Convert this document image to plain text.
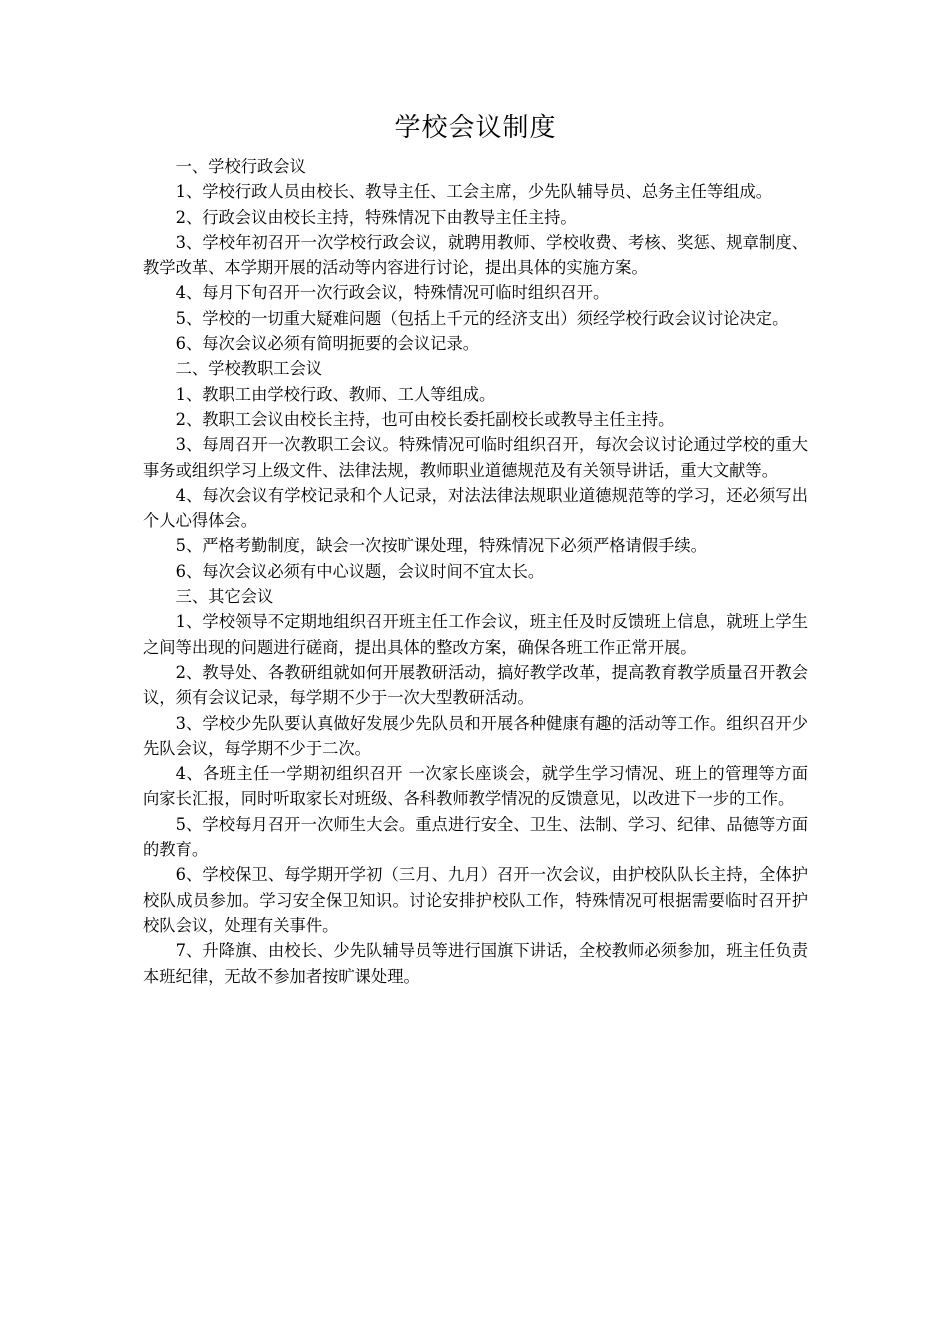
学校会议制度

一、学校行政会议

1、学校行政人员由校长、教导主任、工会主席，少先队辅导员、总务主任等组成。

2、行政会议由校长主持，特殊情况下由教导主任主持。

3、学校年初召开一次学校行政会议，就聘用教师、学校收费、考核、奖惩、规章制度、教学改革、本学期开展的活动等内容进行讨论，提出具体的实施方案。

4、每月下旬召开一次行政会议，特殊情况可临时组织召开。

5、学校的一切重大疑难问题（包括上千元的经济支出）须经学校行政会议讨论决定。

6、每次会议必须有简明扼要的会议记录。

二、学校教职工会议

1、教职工由学校行政、教师、工人等组成。

2、教职工会议由校长主持，也可由校长委托副校长或教导主任主持。

3、每周召开一次教职工会议。特殊情况可临时组织召开，每次会议讨论通过学校的重大事务或组织学习上级文件、法律法规，教师职业道德规范及有关领导讲话，重大文献等。

4、每次会议有学校记录和个人记录，对法法律法规职业道德规范等的学习，还必须写出个人心得体会。

5、严格考勤制度，缺会一次按旷课处理，特殊情况下必须严格请假手续。

6、每次会议必须有中心议题，会议时间不宜太长。

三、其它会议

1、学校领导不定期地组织召开班主任工作会议，班主任及时反馈班上信息，就班上学生之间等出现的问题进行磋商，提出具体的整改方案，确保各班工作正常开展。

2、教导处、各教研组就如何开展教研活动，搞好教学改革，提高教育教学质量召开教会议，须有会议记录，每学期不少于一次大型教研活动。

3、学校少先队要认真做好发展少先队员和开展各种健康有趣的活动等工作。组织召开少先队会议，每学期不少于二次。

4、各班主任一学期初组织召开 一次家长座谈会，就学生学习情况、班上的管理等方面向家长汇报，同时听取家长对班级、各科教师教学情况的反馈意见，以改进下一步的工作。

5、学校每月召开一次师生大会。重点进行安全、卫生、法制、学习、纪律、品德等方面的教育。

6、学校保卫、每学期开学初（三月、九月）召开一次会议，由护校队队长主持，全体护校队成员参加。学习安全保卫知识。讨论安排护校队工作，特殊情况可根据需要临时召开护校队会议，处理有关事件。

7、升降旗、由校长、少先队辅导员等进行国旗下讲话，全校教师必须参加，班主任负责本班纪律，无故不参加者按旷课处理。
